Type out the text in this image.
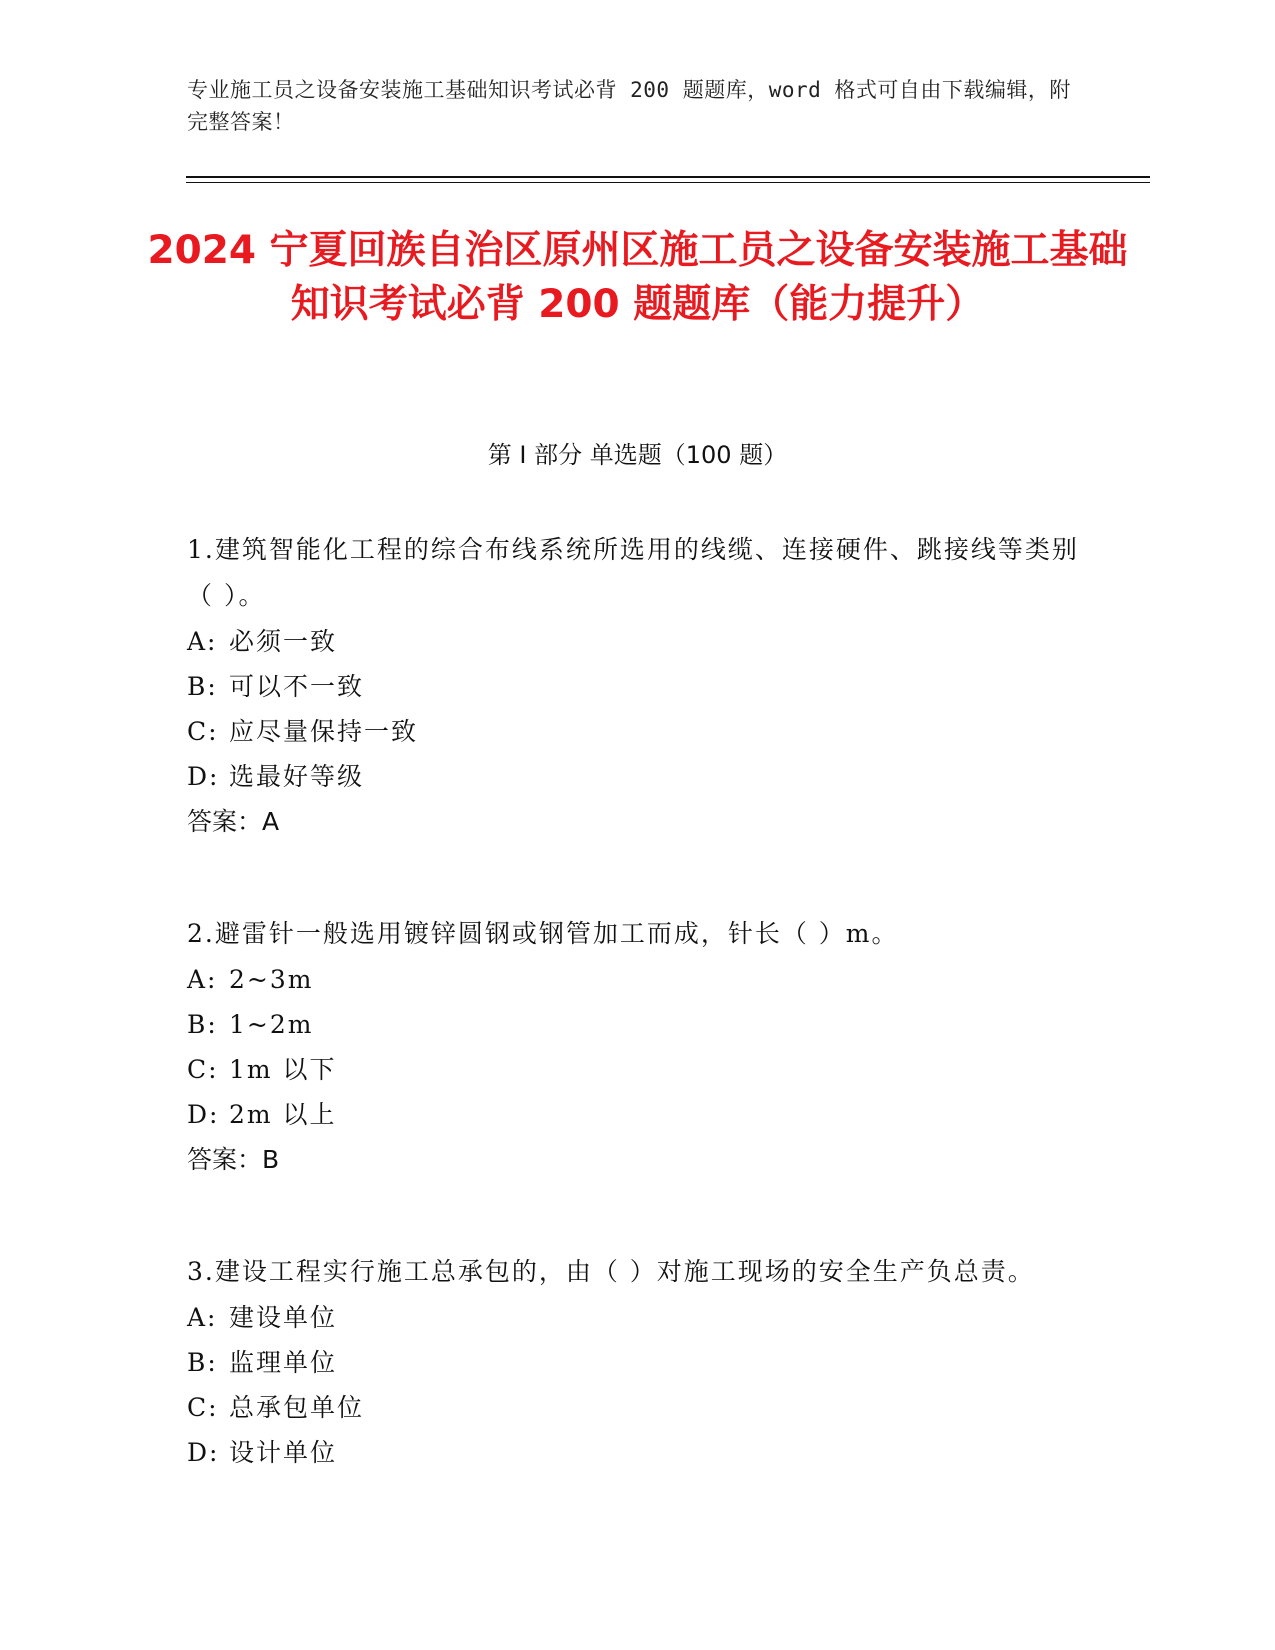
专业施工员之设备安装施工基础知识考试必背 200 题题库，word 格式可自由下载编辑，附完整答案！
2024 宁夏回族自治区原州区施工员之设备安装施工基础知识考试必背 200 题题库（能力提升）
第 I 部分 单选题（100 题）
1.建筑智能化工程的综合布线系统所选用的线缆、连接硬件、跳接线等类别（ ）。
A: 必须一致
B: 可以不一致
C: 应尽量保持一致
D: 选最好等级
答案：A
2.避雷针一般选用镀锌圆钢或钢管加工而成，针长（ ）m。
A: 2~3m
B: 1~2m
C: 1m 以下
D: 2m 以上
答案：B
3.建设工程实行施工总承包的，由（ ）对施工现场的安全生产负总责。
A: 建设单位
B: 监理单位
C: 总承包单位
D: 设计单位
